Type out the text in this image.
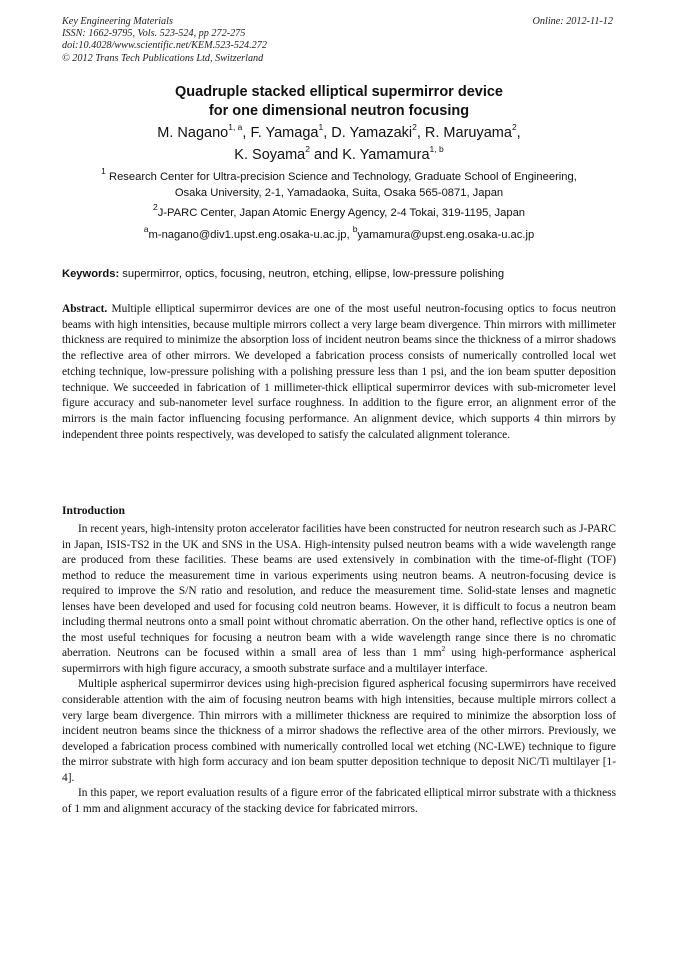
Key Engineering Materials
ISSN: 1662-9795, Vols. 523-524, pp 272-275
doi:10.4028/www.scientific.net/KEM.523-524.272
© 2012 Trans Tech Publications Ltd, Switzerland
Online: 2012-11-12
Quadruple stacked elliptical supermirror device
for one dimensional neutron focusing
M. Nagano$^{1, a}$, F. Yamaga$^1$, D. Yamazaki$^2$, R. Maruyama$^2$,
K. Soyama$^2$ and K. Yamamura$^{1, b}$
$^1$ Research Center for Ultra-precision Science and Technology, Graduate School of Engineering,
Osaka University, 2-1, Yamadaoka, Suita, Osaka 565-0871, Japan
$^2$J-PARC Center, Japan Atomic Energy Agency, 2-4 Tokai, 319-1195, Japan
$^a$m-nagano@div1.upst.eng.osaka-u.ac.jp, $^b$yamamura@upst.eng.osaka-u.ac.jp
Keywords: supermirror, optics, focusing, neutron, etching, ellipse, low-pressure polishing
Abstract. Multiple elliptical supermirror devices are one of the most useful neutron-focusing optics to focus neutron beams with high intensities, because multiple mirrors collect a very large beam divergence. Thin mirrors with millimeter thickness are required to minimize the absorption loss of incident neutron beams since the thickness of a mirror shadows the reflective area of other mirrors. We developed a fabrication process consists of numerically controlled local wet etching technique, low-pressure polishing with a polishing pressure less than 1 psi, and the ion beam sputter deposition technique. We succeeded in fabrication of 1 millimeter-thick elliptical supermirror devices with sub-micrometer level figure accuracy and sub-nanometer level surface roughness. In addition to the figure error, an alignment error of the mirrors is the main factor influencing focusing performance. An alignment device, which supports 4 thin mirrors by independent three points respectively, was developed to satisfy the calculated alignment tolerance.
Introduction

In recent years, high-intensity proton accelerator facilities have been constructed for neutron research such as J-PARC in Japan, ISIS-TS2 in the UK and SNS in the USA. High-intensity pulsed neutron beams with a wide wavelength range are produced from these facilities. These beams are used extensively in combination with the time-of-flight (TOF) method to reduce the measurement time in various experiments using neutron beams. A neutron-focusing device is required to improve the S/N ratio and resolution, and reduce the measurement time. Solid-state lenses and magnetic lenses have been developed and used for focusing cold neutron beams. However, it is difficult to focus a neutron beam including thermal neutrons onto a small point without chromatic aberration. On the other hand, reflective optics is one of the most useful techniques for focusing a neutron beam with a wide wavelength range since there is no chromatic aberration. Neutrons can be focused within a small area of less than 1 $mm^2$ using high-performance aspherical supermirrors with high figure accuracy, a smooth substrate surface and a multilayer interface.

Multiple aspherical supermirror devices using high-precision figured aspherical focusing supermirrors have received considerable attention with the aim of focusing neutron beams with high intensities, because multiple mirrors collect a very large beam divergence. Thin mirrors with a millimeter thickness are required to minimize the absorption loss of incident neutron beams since the thickness of a mirror shadows the reflective area of the other mirrors. Previously, we developed a fabrication process combined with numerically controlled local wet etching (NC-LWE) technique to figure the mirror substrate with high form accuracy and ion beam sputter deposition technique to deposit NiC/Ti multilayer [1-4].

In this paper, we report evaluation results of a figure error of the fabricated elliptical mirror substrate with a thickness of 1 mm and alignment accuracy of the stacking device for fabricated mirrors.
